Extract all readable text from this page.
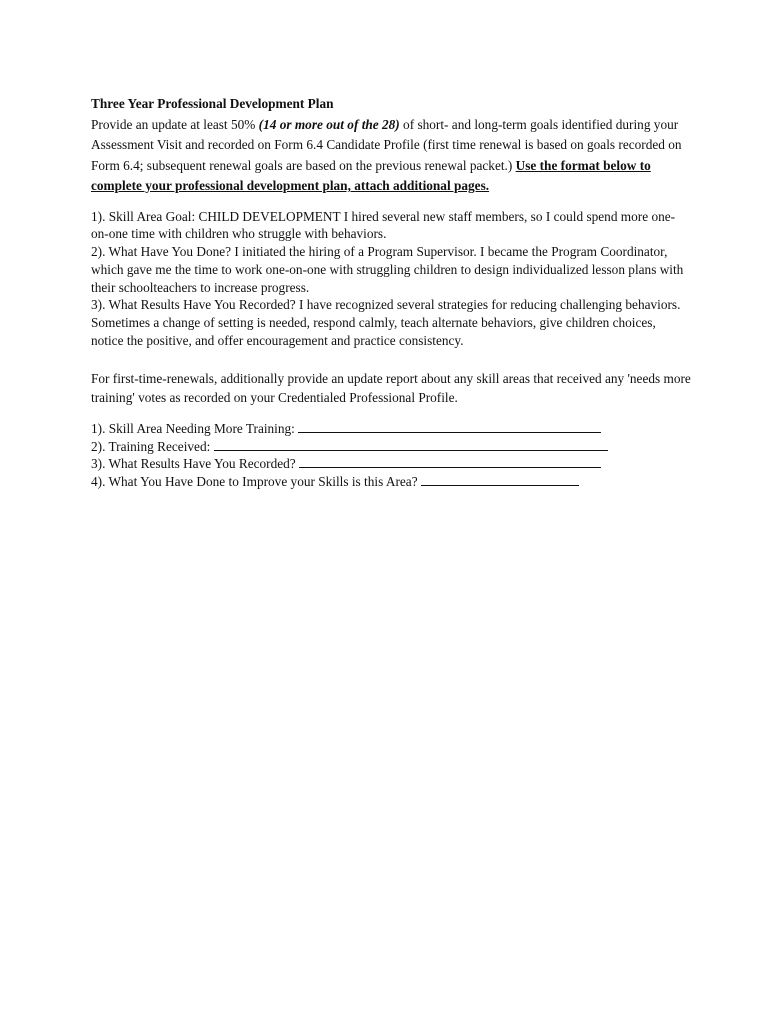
Three Year Professional Development Plan
Provide an update at least 50% (14 or more out of the 28) of short- and long-term goals identified during your Assessment Visit and recorded on Form 6.4 Candidate Profile (first time renewal is based on goals recorded on Form 6.4; subsequent renewal goals are based on the previous renewal packet.) Use the format below to complete your professional development plan, attach additional pages.
1). Skill Area Goal: CHILD DEVELOPMENT I hired several new staff members, so I could spend more one-on-one time with children who struggle with behaviors.
2). What Have You Done? I initiated the hiring of a Program Supervisor. I became the Program Coordinator, which gave me the time to work one-on-one with struggling children to design individualized lesson plans with their schoolteachers to increase progress.
3). What Results Have You Recorded? I have recognized several strategies for reducing challenging behaviors. Sometimes a change of setting is needed, respond calmly, teach alternate behaviors, give children choices, notice the positive, and offer encouragement and practice consistency.
For first-time-renewals, additionally provide an update report about any skill areas that received any 'needs more training' votes as recorded on your Credentialed Professional Profile.
1). Skill Area Needing More Training:
2). Training Received:
3). What Results Have You Recorded?
4). What You Have Done to Improve your Skills is this Area?
